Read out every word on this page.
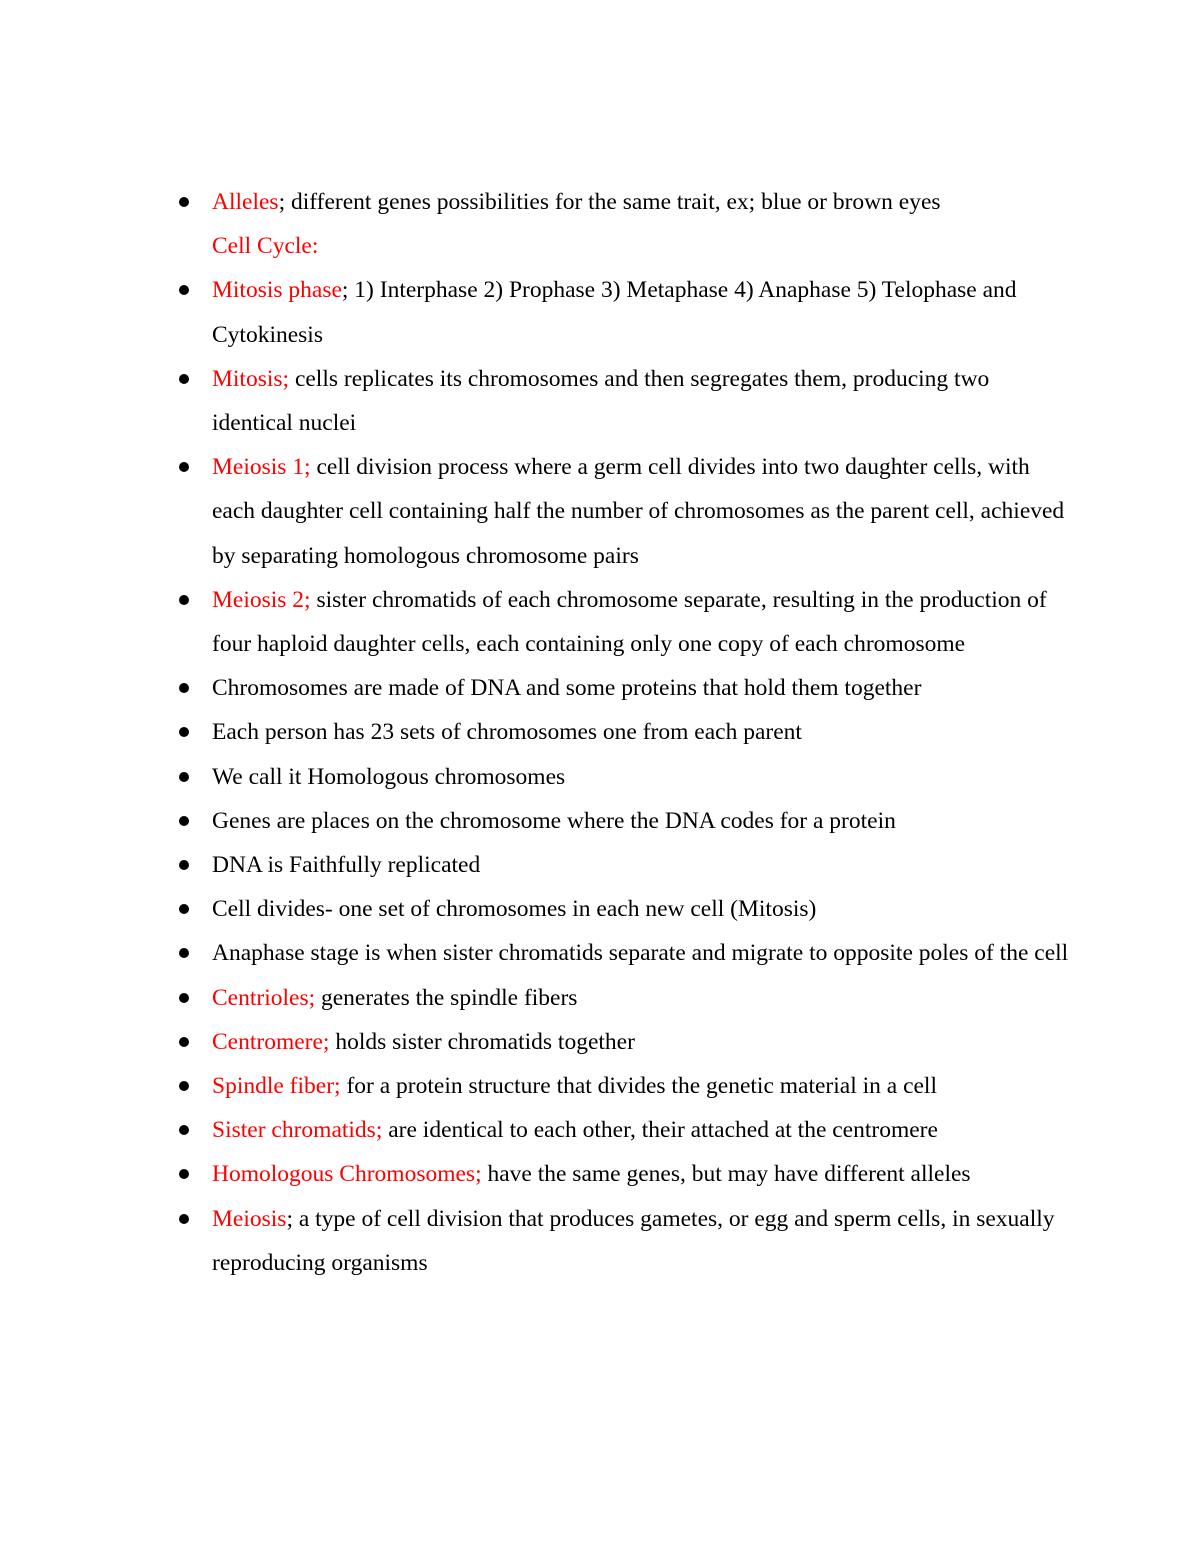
Alleles; different genes possibilities for the same trait, ex; blue or brown eyes
Cell Cycle:
Mitosis phase; 1) Interphase 2) Prophase 3) Metaphase 4) Anaphase 5) Telophase and Cytokinesis
Mitosis; cells replicates its chromosomes and then segregates them, producing two identical nuclei
Meiosis 1; cell division process where a germ cell divides into two daughter cells, with each daughter cell containing half the number of chromosomes as the parent cell, achieved by separating homologous chromosome pairs
Meiosis 2; sister chromatids of each chromosome separate, resulting in the production of four haploid daughter cells, each containing only one copy of each chromosome
Chromosomes are made of DNA and some proteins that hold them together
Each person has 23 sets of chromosomes one from each parent
We call it Homologous chromosomes
Genes are places on the chromosome where the DNA codes for a protein
DNA is Faithfully replicated
Cell divides- one set of chromosomes in each new cell (Mitosis)
Anaphase stage is when sister chromatids separate and migrate to opposite poles of the cell
Centrioles; generates the spindle fibers
Centromere; holds sister chromatids together
Spindle fiber; for a protein structure that divides the genetic material in a cell
Sister chromatids; are identical to each other, their attached at the centromere
Homologous Chromosomes; have the same genes, but may have different alleles
Meiosis; a type of cell division that produces gametes, or egg and sperm cells, in sexually reproducing organisms
